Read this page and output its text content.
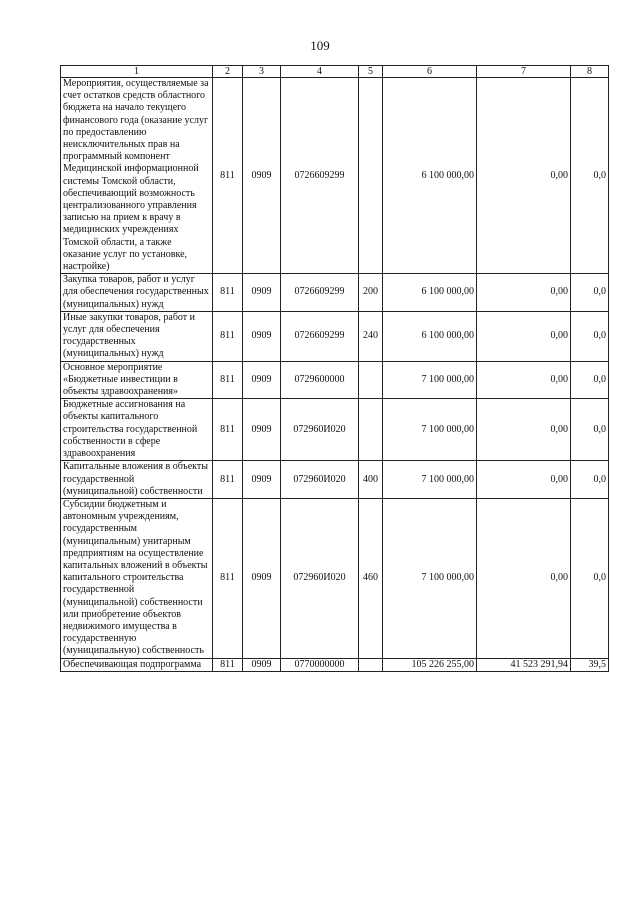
109
1	2	3	4	5	6	7	8
Мероприятия, осуществляемые за счет остатков средств областного бюджета на начало текущего финансового года (оказание услуг по предоставлению неисключительных прав на программный компонент Медицинской информационной системы Томской области, обеспечивающий возможность централизованного управления записью на прием к врачу в медицинских учреждениях Томской области, а также оказание услуг по установке, настройке)	811	0909	0726609299		6 100 000,00	0,00	0,0
Закупка товаров, работ и услуг для обеспечения государственных (муниципальных) нужд	811	0909	0726609299	200	6 100 000,00	0,00	0,0
Иные закупки товаров, работ и услуг для обеспечения государственных (муниципальных) нужд	811	0909	0726609299	240	6 100 000,00	0,00	0,0
Основное мероприятие «Бюджетные инвестиции в объекты здравоохранения»	811	0909	0729600000		7 100 000,00	0,00	0,0
Бюджетные ассигнования на объекты капитального строительства государственной собственности в сфере здравоохранения	811	0909	072960И020		7 100 000,00	0,00	0,0
Капитальные вложения в объекты государственной (муниципальной) собственности	811	0909	072960И020	400	7 100 000,00	0,00	0,0
Субсидии бюджетным и автономным учреждениям, государственным (муниципальным) унитарным предприятиям на осуществление капитальных вложений в объекты капитального строительства государственной (муниципальной) собственности или приобретение объектов недвижимого имущества в государственную (муниципальную) собственность	811	0909	072960И020	460	7 100 000,00	0,00	0,0
Обеспечивающая подпрограмма	811	0909	0770000000		105 226 255,00	41 523 291,94	39,5
